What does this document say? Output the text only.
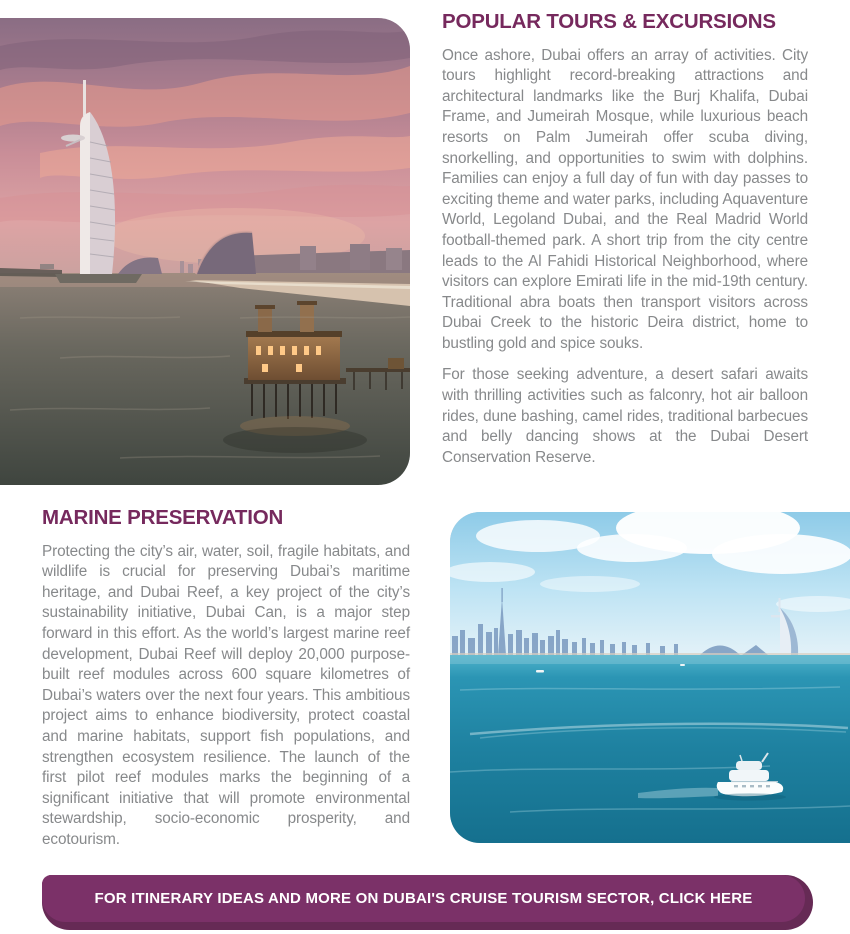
POPULAR TOURS & EXCURSIONS

Once ashore, Dubai offers an array of activities. City tours highlight record-breaking attractions and architectural landmarks like the Burj Khalifa, Dubai Frame, and Jumeirah Mosque, while luxurious beach resorts on Palm Jumeirah offer scuba diving, snorkelling, and opportunities to swim with dolphins. Families can enjoy a full day of fun with day passes to exciting theme and water parks, including Aquaventure World, Legoland Dubai, and the Real Madrid World football-themed park. A short trip from the city centre leads to the Al Fahidi Historical Neighborhood, where visitors can explore Emirati life in the mid-19th century. Traditional abra boats then transport visitors across Dubai Creek to the historic Deira district, home to bustling gold and spice souks.

For those seeking adventure, a desert safari awaits with thrilling activities such as falconry, hot air balloon rides, dune bashing, camel rides, traditional barbecues and belly dancing shows at the Dubai Desert Conservation Reserve.

MARINE PRESERVATION

Protecting the city’s air, water, soil, fragile habitats, and wildlife is crucial for preserving Dubai’s maritime heritage, and Dubai Reef, a key project of the city’s sustainability initiative, Dubai Can, is a major step forward in this effort. As the world’s largest marine reef development, Dubai Reef will deploy 20,000 purpose-built reef modules across 600 square kilometres of Dubai’s waters over the next four years. This ambitious project aims to enhance biodiversity, protect coastal and marine habitats, support fish populations, and strengthen ecosystem resilience. The launch of the first pilot reef modules marks the beginning of a significant initiative that will promote environmental stewardship, socio-economic prosperity, and ecotourism.

FOR ITINERARY IDEAS AND MORE ON DUBAI'S CRUISE TOURISM SECTOR, CLICK HERE
